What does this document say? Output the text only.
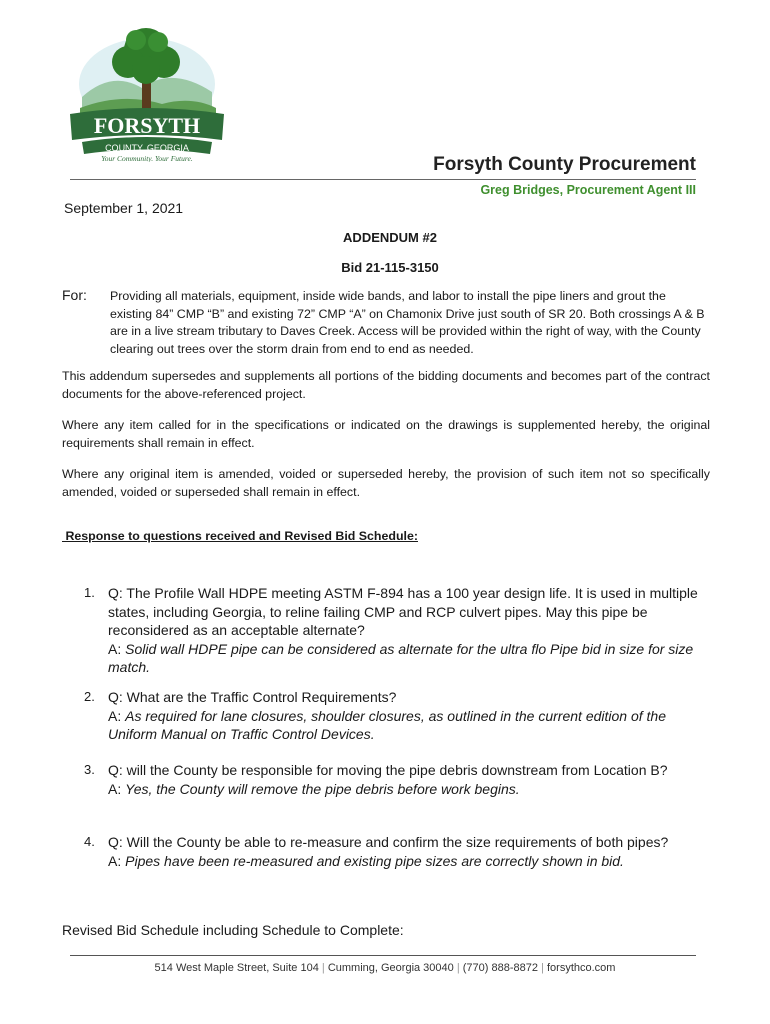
FORSYTH
COUNTY, GEORGIA
Your Community. Your Future.	Forsyth County Procurement
Greg Bridges, Procurement Agent III
September 1, 2021
ADDENDUM #2
Bid 21-115-3150
For: Providing all materials, equipment, inside wide bands, and labor to install the pipe liners and grout the existing 84” CMP “B” and existing 72” CMP “A” on Chamonix Drive just south of SR 20. Both crossings A & B are in a live stream tributary to Daves Creek. Access will be provided within the right of way, with the County clearing out trees over the storm drain from end to end as needed.
This addendum supersedes and supplements all portions of the bidding documents and becomes part of the contract documents for the above-referenced project.
Where any item called for in the specifications or indicated on the drawings is supplemented hereby, the original requirements shall remain in effect.
Where any original item is amended, voided or superseded hereby, the provision of such item not so specifically amended, voided or superseded shall remain in effect.
Response to questions received and Revised Bid Schedule:
1. Q: The Profile Wall HDPE meeting ASTM F-894 has a 100 year design life. It is used in multiple states, including Georgia, to reline failing CMP and RCP culvert pipes. May this pipe be reconsidered as an acceptable alternate?
A: Solid wall HDPE pipe can be considered as alternate for the ultra flo Pipe bid in size for size match.
2. Q: What are the Traffic Control Requirements?
A: As required for lane closures, shoulder closures, as outlined in the current edition of the Uniform Manual on Traffic Control Devices.
3. Q: will the County be responsible for moving the pipe debris downstream from Location B?
A: Yes, the County will remove the pipe debris before work begins.
4. Q: Will the County be able to re-measure and confirm the size requirements of both pipes?
A: Pipes have been re-measured and existing pipe sizes are correctly shown in bid.
Revised Bid Schedule including Schedule to Complete:
514 West Maple Street, Suite 104 | Cumming, Georgia 30040 | (770) 888-8872 | forsythco.com
